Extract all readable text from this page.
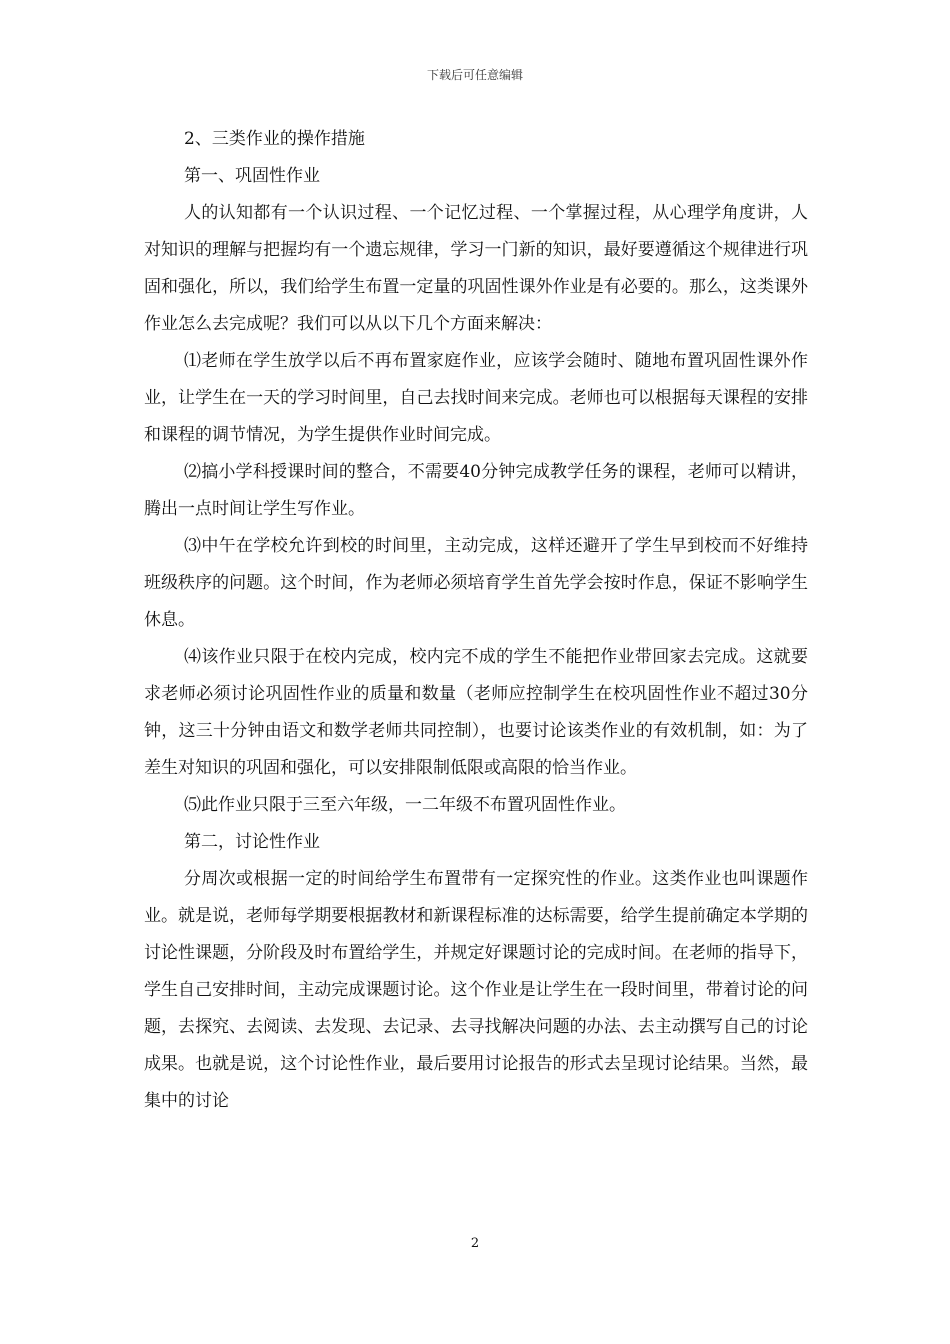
下载后可任意编辑

2、三类作业的操作措施

第一、巩固性作业

人的认知都有一个认识过程、一个记忆过程、一个掌握过程，从心理学角度讲，人对知识的理解与把握均有一个遗忘规律，学习一门新的知识，最好要遵循这个规律进行巩固和强化，所以，我们给学生布置一定量的巩固性课外作业是有必要的。那么，这类课外作业怎么去完成呢？我们可以从以下几个方面来解决：

⑴老师在学生放学以后不再布置家庭作业，应该学会随时、随地布置巩固性课外作业，让学生在一天的学习时间里，自己去找时间来完成。老师也可以根据每天课程的安排和课程的调节情况，为学生提供作业时间完成。

⑵搞小学科授课时间的整合，不需要40分钟完成教学任务的课程，老师可以精讲，腾出一点时间让学生写作业。

⑶中午在学校允许到校的时间里，主动完成，这样还避开了学生早到校而不好维持班级秩序的问题。这个时间，作为老师必须培育学生首先学会按时作息，保证不影响学生休息。

⑷该作业只限于在校内完成，校内完不成的学生不能把作业带回家去完成。这就要求老师必须讨论巩固性作业的质量和数量（老师应控制学生在校巩固性作业不超过30分钟，这三十分钟由语文和数学老师共同控制），也要讨论该类作业的有效机制，如：为了差生对知识的巩固和强化，可以安排限制低限或高限的恰当作业。

⑸此作业只限于三至六年级，一二年级不布置巩固性作业。

第二，讨论性作业

分周次或根据一定的时间给学生布置带有一定探究性的作业。这类作业也叫课题作业。就是说，老师每学期要根据教材和新课程标准的达标需要，给学生提前确定本学期的讨论性课题，分阶段及时布置给学生，并规定好课题讨论的完成时间。在老师的指导下，学生自己安排时间，主动完成课题讨论。这个作业是让学生在一段时间里，带着讨论的问题，去探究、去阅读、去发现、去记录、去寻找解决问题的办法、去主动撰写自己的讨论成果。也就是说，这个讨论性作业，最后要用讨论报告的形式去呈现讨论结果。当然，最集中的讨论

2
